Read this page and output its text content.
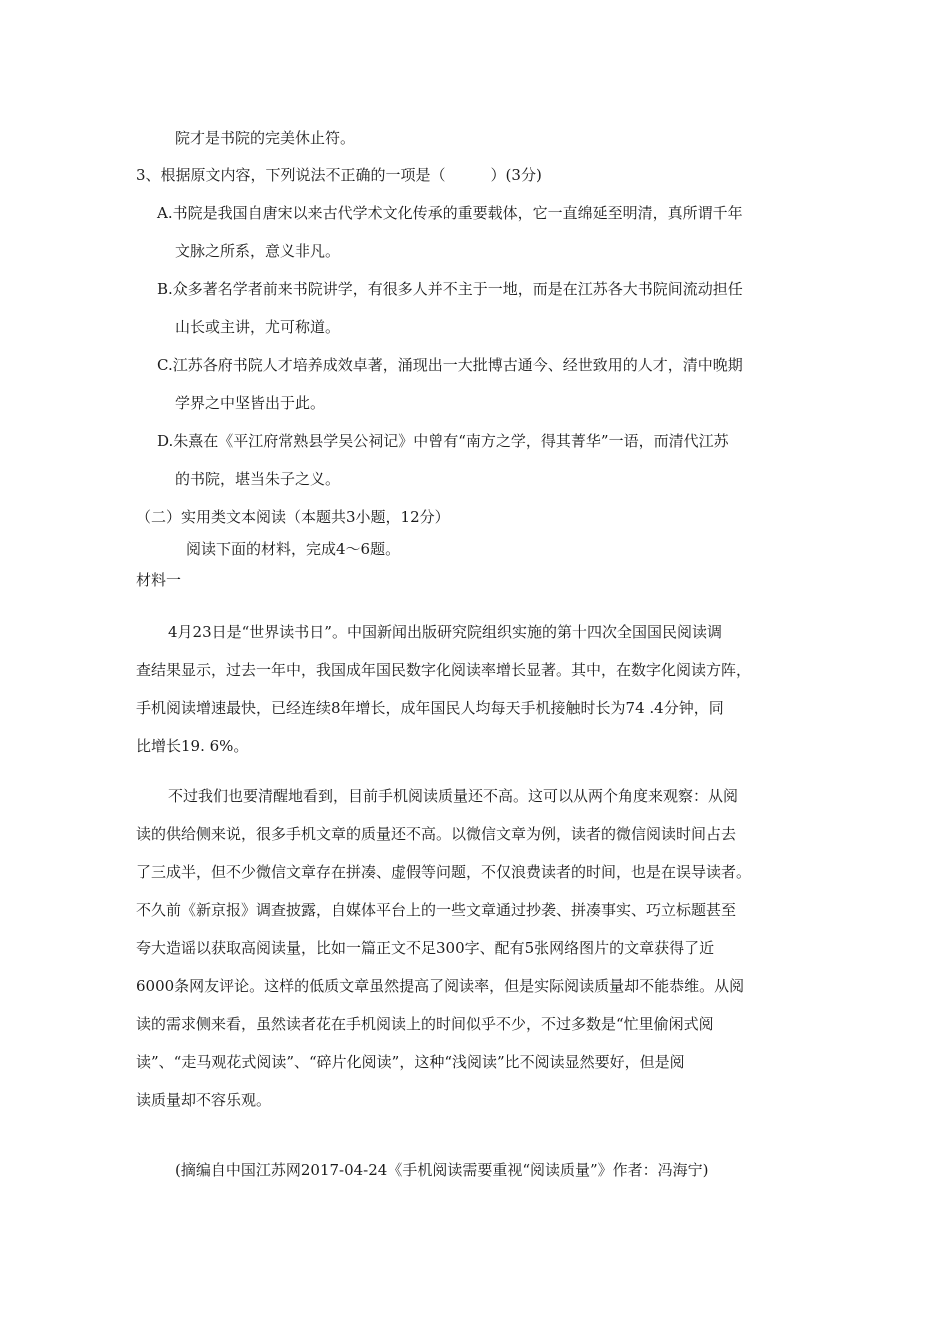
院才是书院的完美休止符。
3、根据原文内容，下列说法不正确的一项是（　　　）(3分)
A.书院是我国自唐宋以来古代学术文化传承的重要载体，它一直绵延至明清，真所谓千年
文脉之所系，意义非凡。
B.众多著名学者前来书院讲学，有很多人并不主于一地，而是在江苏各大书院间流动担任
山长或主讲，尤可称道。
C.江苏各府书院人才培养成效卓著，涌现出一大批博古通今、经世致用的人才，清中晚期
学界之中坚皆出于此。
D.朱熹在《平江府常熟县学吴公祠记》中曾有“南方之学，得其菁华”一语，而清代江苏
的书院，堪当朱子之义。
（二）实用类文本阅读（本题共3小题，12分）
阅读下面的材料，完成4～6题。
材料一
4月23日是“世界读书日”。中国新闻出版研究院组织实施的第十四次全国国民阅读调
查结果显示，过去一年中，我国成年国民数字化阅读率增长显著。其中，在数字化阅读方阵，
手机阅读增速最快，已经连续8年增长，成年国民人均每天手机接触时长为74 .4分钟，同
比增长19. 6%。
不过我们也要清醒地看到，目前手机阅读质量还不高。这可以从两个角度来观察：从阅
读的供给侧来说，很多手机文章的质量还不高。以微信文章为例，读者的微信阅读时间占去
了三成半，但不少微信文章存在拼凑、虚假等问题，不仅浪费读者的时间，也是在误导读者。
不久前《新京报》调查披露，自媒体平台上的一些文章通过抄袭、拼凑事实、巧立标题甚至
夸大造谣以获取高阅读量，比如一篇正文不足300字、配有5张网络图片的文章获得了近
6000条网友评论。这样的低质文章虽然提高了阅读率，但是实际阅读质量却不能恭维。从阅
读的需求侧来看，虽然读者花在手机阅读上的时间似乎不少，不过多数是“忙里偷闲式阅
读”、“走马观花式阅读”、“碎片化阅读”，这种“浅阅读”比不阅读显然要好，但是阅
读质量却不容乐观。
(摘编自中国江苏网2017-04-24《手机阅读需要重视“阅读质量”》作者：冯海宁)
